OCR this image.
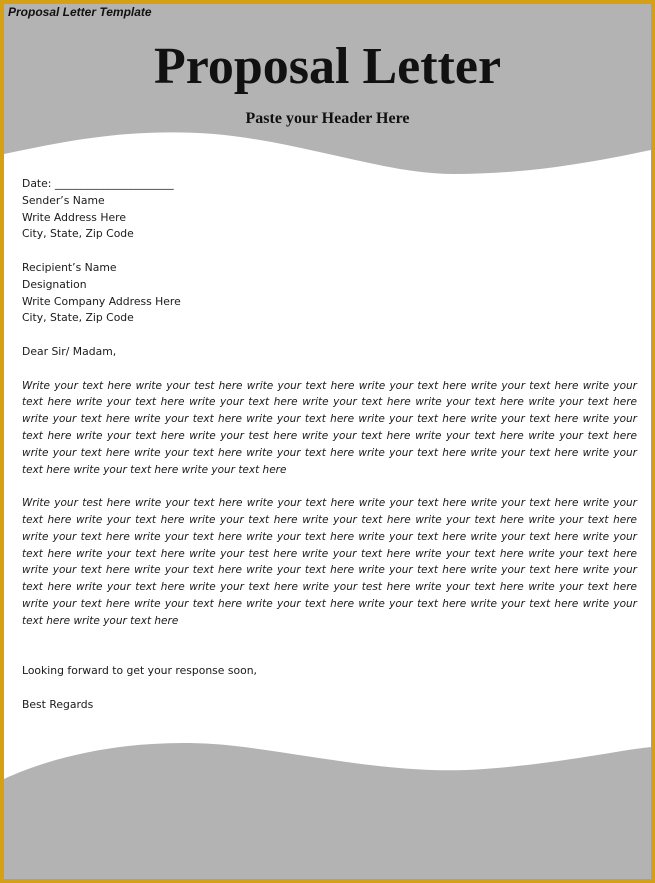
Proposal Letter Template
Proposal Letter
Paste your Header Here
Date: ______________________
Sender’s Name
Write Address Here
City, State, Zip Code
Recipient’s Name
Designation
Write Company Address Here
City, State, Zip Code
Dear Sir/ Madam,

Write your text here write your test here write your text here write your text here write your text here write your text here write your text here write your text here write your text here write your text here write your text here write your text here write your text here write your text here write your text here write your text here write your text here write your text here write your test here write your text here write your text here write your text here write your text here write your text here write your text here write your text here write your text here write your text here write your text here write your text here

Write your test here write your text here write your text here write your text here write your text here write your text here write your text here write your text here write your text here write your text here write your text here write your text here write your text here write your text here write your text here write your text here write your text here write your text here write your test here write your text here write your text here write your text here write your text here write your text here write your text here write your text here write your text here write your text here write your text here write your text here write your test here write your text here write your text here write your text here write your text here write your text here write your text here write your text here write your text here write your text here

Looking forward to get your response soon,
Best Regards
